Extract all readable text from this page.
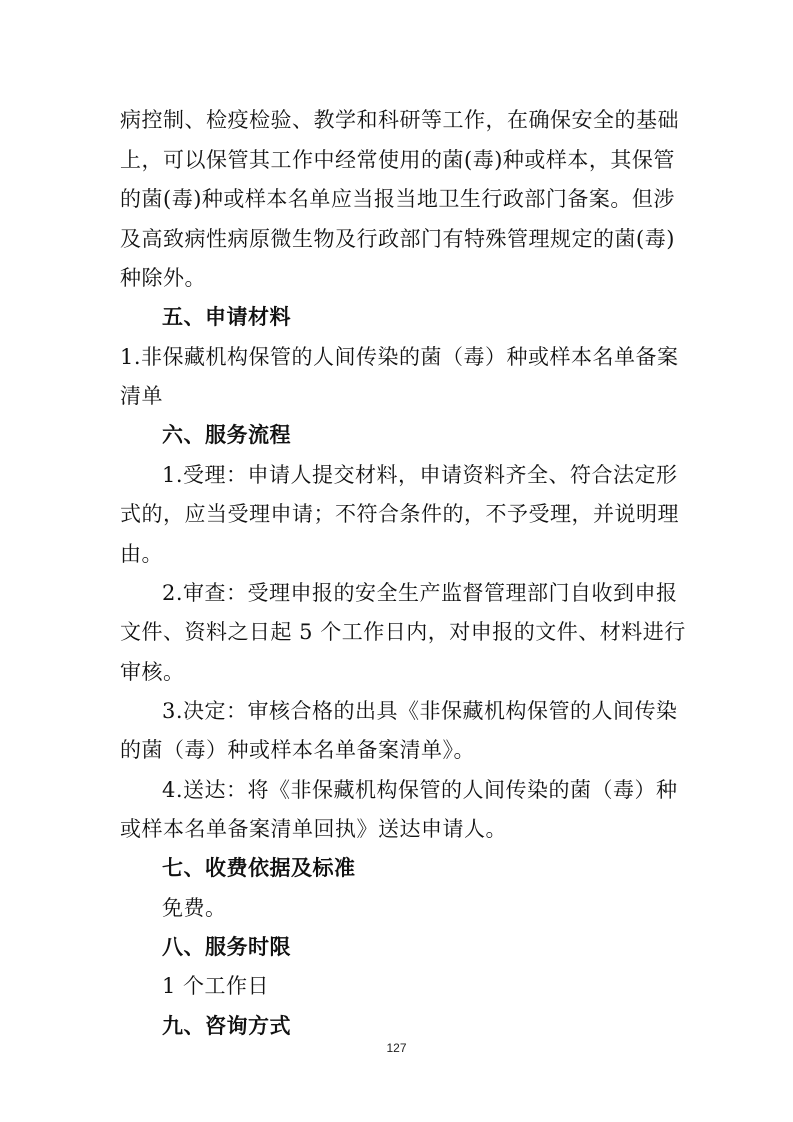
病控制、检疫检验、教学和科研等工作，在确保安全的基础
上，可以保管其工作中经常使用的菌(毒)种或样本，其保管
的菌(毒)种或样本名单应当报当地卫生行政部门备案。但涉
及高致病性病原微生物及行政部门有特殊管理规定的菌(毒)
种除外。
五、申请材料
1.非保藏机构保管的人间传染的菌（毒）种或样本名单备案
清单
六、服务流程
1.受理：申请人提交材料，申请资料齐全、符合法定形
式的，应当受理申请；不符合条件的，不予受理，并说明理
由。
2.审查：受理申报的安全生产监督管理部门自收到申报
文件、资料之日起 5 个工作日内，对申报的文件、材料进行
审核。
3.决定：审核合格的出具《非保藏机构保管的人间传染
的菌（毒）种或样本名单备案清单》。
4.送达：将《非保藏机构保管的人间传染的菌（毒）种
或样本名单备案清单回执》送达申请人。
七、收费依据及标准
免费。
八、服务时限
1 个工作日
九、咨询方式
127
